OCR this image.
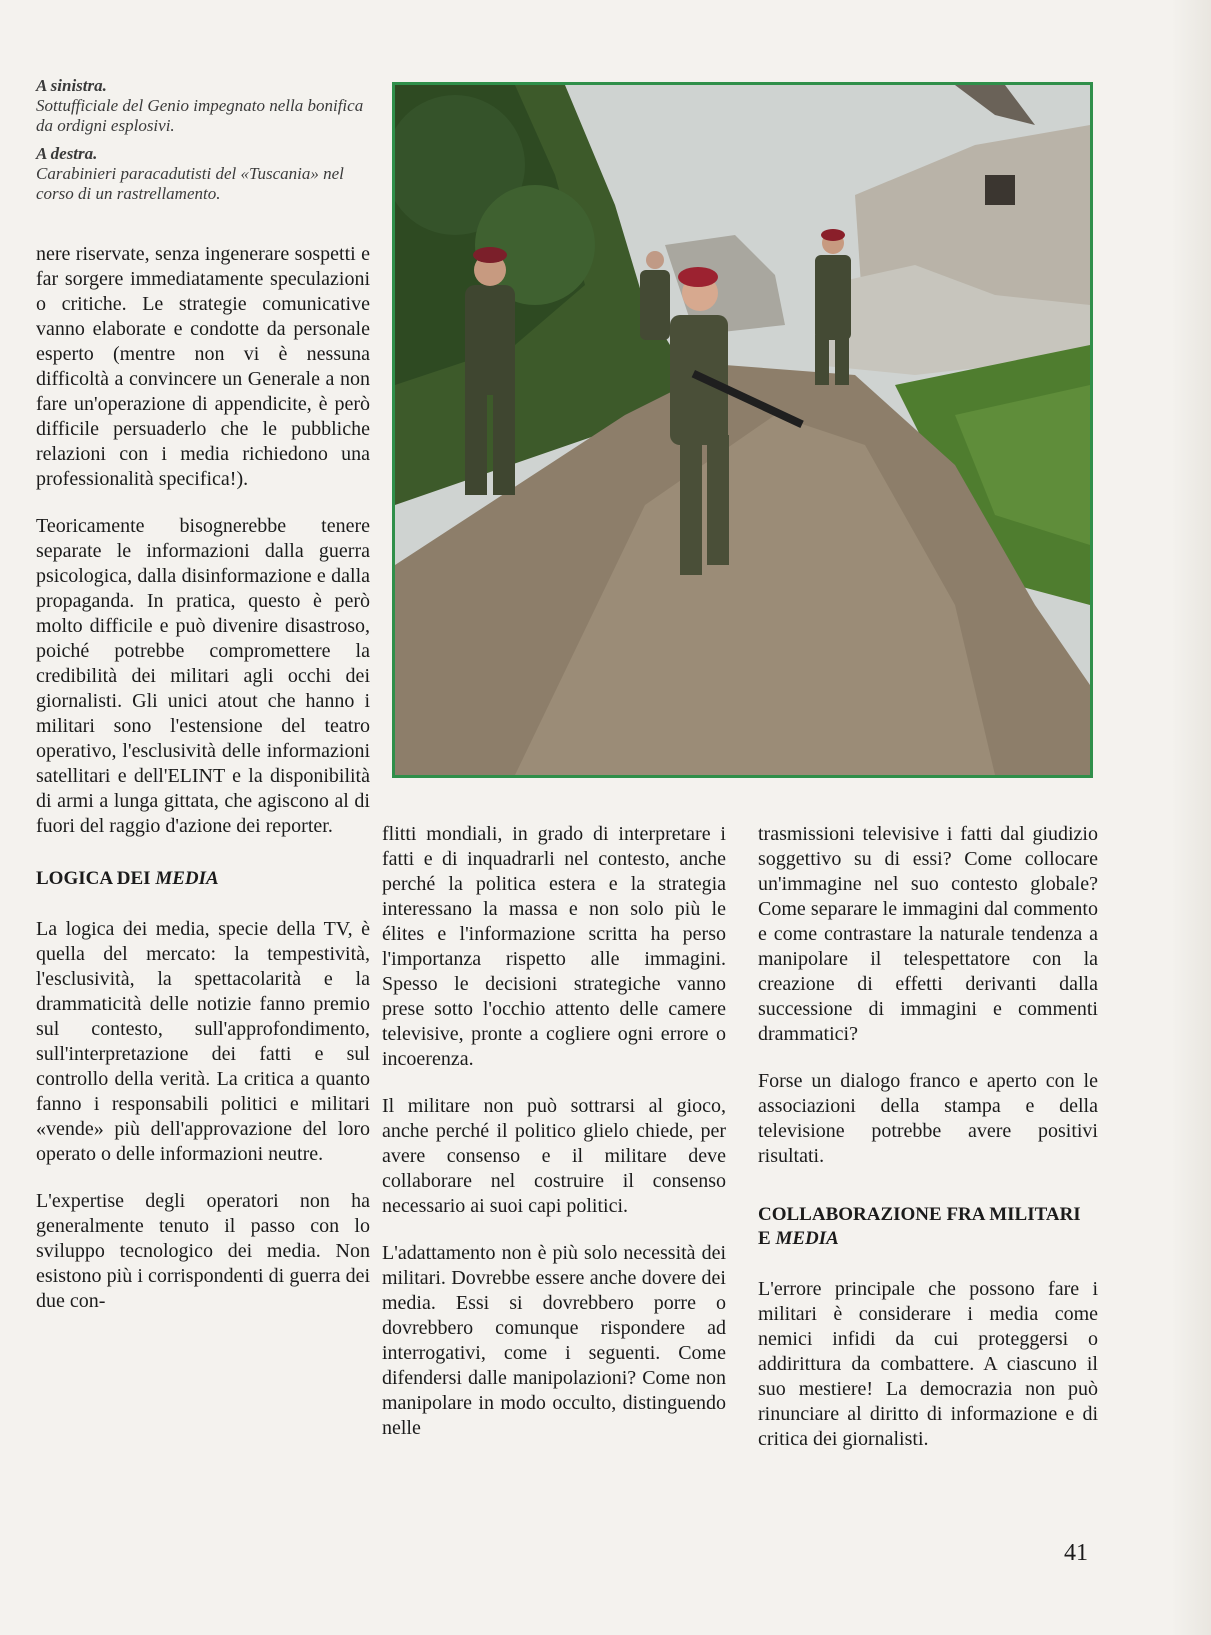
A sinistra.

Sottufficiale del Genio impegnato nella bonifica da ordigni esplosivi.

A destra.

Carabinieri paracadutisti del «Tuscania» nel corso di un rastrellamento.

nere riservate, senza ingenerare sospetti e far sorgere immediatamente speculazioni o critiche. Le strategie comunicative vanno elaborate e condotte da personale esperto (mentre non vi è nessuna difficoltà a convincere un Generale a non fare un'operazione di appendicite, è però difficile persuaderlo che le pubbliche relazioni con i media richiedono una professionalità specifica!).

Teoricamente bisognerebbe tenere separate le informazioni dalla guerra psicologica, dalla disinformazione e dalla propaganda. In pratica, questo è però molto difficile e può divenire disastroso, poiché potrebbe compromettere la credibilità dei militari agli occhi dei giornalisti. Gli unici atout che hanno i militari sono l'estensione del teatro operativo, l'esclusività delle informazioni satellitari e dell'ELINT e la disponibilità di armi a lunga gittata, che agiscono al di fuori del raggio d'azione dei reporter.

LOGICA DEI MEDIA

La logica dei media, specie della TV, è quella del mercato: la tempestività, l'esclusività, la spettacolarità e la drammaticità delle notizie fanno premio sul contesto, sull'approfondimento, sull'interpretazione dei fatti e sul controllo della verità. La critica a quanto fanno i responsabili politici e militari «vende» più dell'approvazione del loro operato o delle informazioni neutre.

L'expertise degli operatori non ha generalmente tenuto il passo con lo sviluppo tecnologico dei media. Non esistono più i corrispondenti di guerra dei due con-

flitti mondiali, in grado di interpretare i fatti e di inquadrarli nel contesto, anche perché la politica estera e la strategia interessano la massa e non solo più le élites e l'informazione scritta ha perso l'importanza rispetto alle immagini. Spesso le decisioni strategiche vanno prese sotto l'occhio attento delle camere televisive, pronte a cogliere ogni errore o incoerenza.

Il militare non può sottrarsi al gioco, anche perché il politico glielo chiede, per avere consenso e il militare deve collaborare nel costruire il consenso necessario ai suoi capi politici.

L'adattamento non è più solo necessità dei militari. Dovrebbe essere anche dovere dei media. Essi si dovrebbero porre o dovrebbero comunque rispondere ad interrogativi, come i seguenti. Come difendersi dalle manipolazioni? Come non manipolare in modo occulto, distinguendo nelle

trasmissioni televisive i fatti dal giudizio soggettivo su di essi? Come collocare un'immagine nel suo contesto globale? Come separare le immagini dal commento e come contrastare la naturale tendenza a manipolare il telespettatore con la creazione di effetti derivanti dalla successione di immagini e commenti drammatici?

Forse un dialogo franco e aperto con le associazioni della stampa e della televisione potrebbe avere positivi risultati.

COLLABORAZIONE FRA MILITARI E MEDIA

L'errore principale che possono fare i militari è considerare i media come nemici infidi da cui proteggersi o addirittura da combattere. A ciascuno il suo mestiere! La democrazia non può rinunciare al diritto di informazione e di critica dei giornalisti.

41
